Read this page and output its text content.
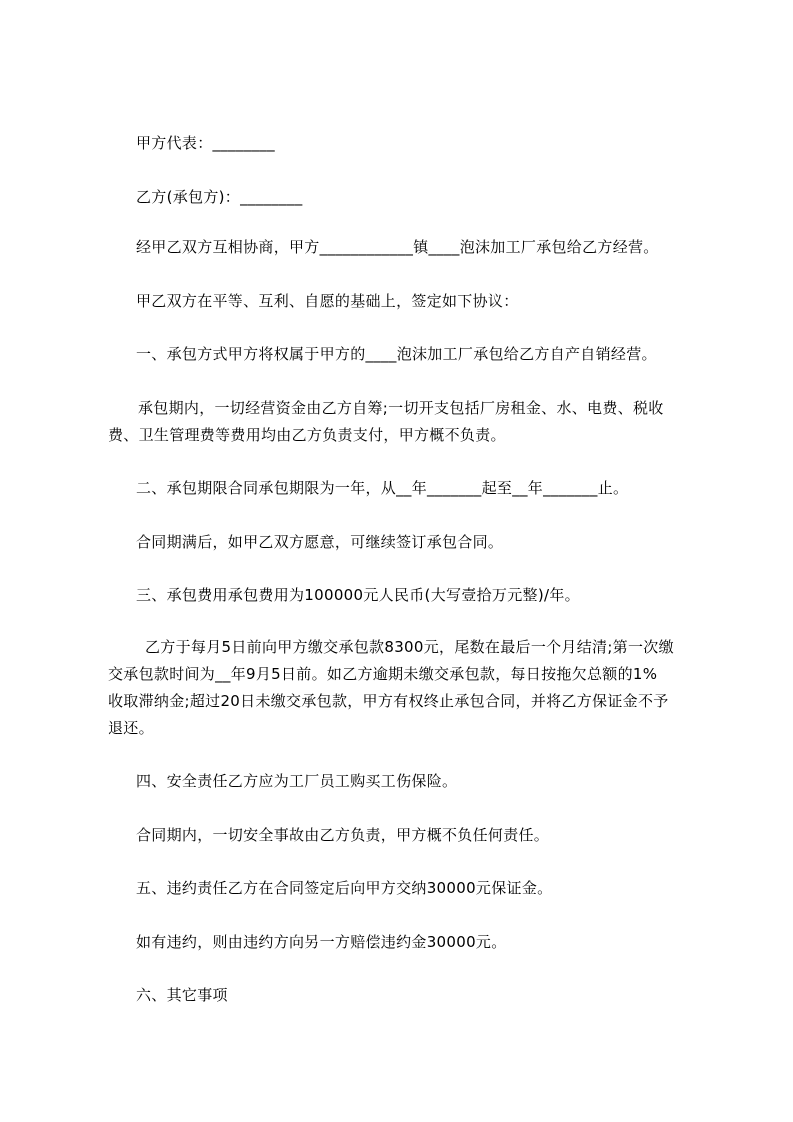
甲方代表：________
乙方(承包方)：________
经甲乙双方互相协商，甲方____________镇____泡沫加工厂承包给乙方经营。
甲乙双方在平等、互利、自愿的基础上，签定如下协议：
一、承包方式甲方将权属于甲方的____泡沫加工厂承包给乙方自产自销经营。
承包期内，一切经营资金由乙方自筹;一切开支包括厂房租金、水、电费、税收
费、卫生管理费等费用均由乙方负责支付，甲方概不负责。
二、承包期限合同承包期限为一年，从__年_______起至__年_______止。
合同期满后，如甲乙双方愿意，可继续签订承包合同。
三、承包费用承包费用为100000元人民币(大写壹拾万元整)/年。
乙方于每月5日前向甲方缴交承包款8300元，尾数在最后一个月结清;第一次缴
交承包款时间为__年9月5日前。如乙方逾期未缴交承包款，每日按拖欠总额的1%
收取滞纳金;超过20日未缴交承包款，甲方有权终止承包合同，并将乙方保证金不予
退还。
四、安全责任乙方应为工厂员工购买工伤保险。
合同期内，一切安全事故由乙方负责，甲方概不负任何责任。
五、违约责任乙方在合同签定后向甲方交纳30000元保证金。
如有违约，则由违约方向另一方赔偿违约金30000元。
六、其它事项
